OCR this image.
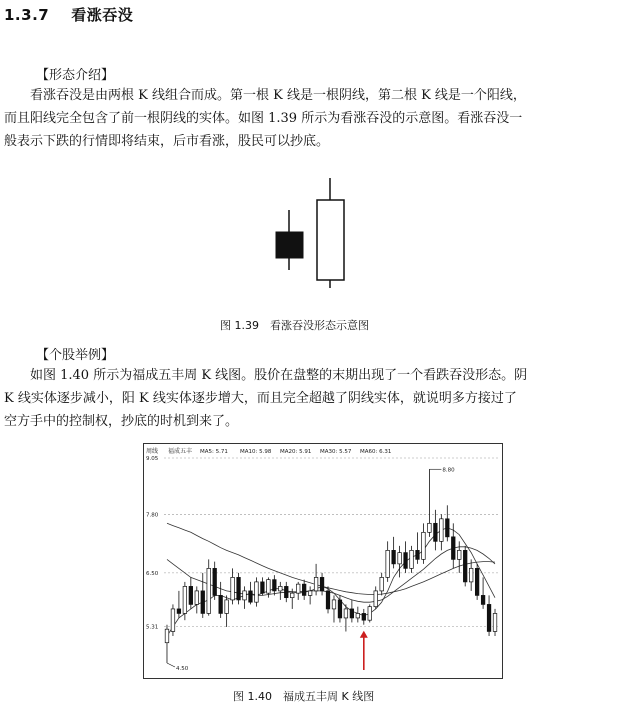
1.3.7 看涨吞没
【形态介绍】
看涨吞没是由两根 K 线组合而成。第一根 K 线是一根阴线，第二根 K 线是一个阳线，
而且阳线完全包含了前一根阴线的实体。如图 1.39 所示为看涨吞没的示意图。看涨吞没一
般表示下跌的行情即将结束，后市看涨，股民可以抄底。
图 1.39　看涨吞没形态示意图
【个股举例】
如图 1.40 所示为福成五丰周 K 线图。股价在盘整的末期出现了一个看跌吞没形态。阴
K 线实体逐步减小，阳 K 线实体逐步增大，而且完全超越了阴线实体，就说明多方接过了
空方手中的控制权，抄底的时机到来了。
周线 福成五丰 MA5: 5.71 MA10: 5.98 MA20: 5.91 MA30: 5.57 MA60: 6.31
9.05
7.80
6.50
5.31
8.80
4.50
图 1.40　福成五丰周 K 线图
